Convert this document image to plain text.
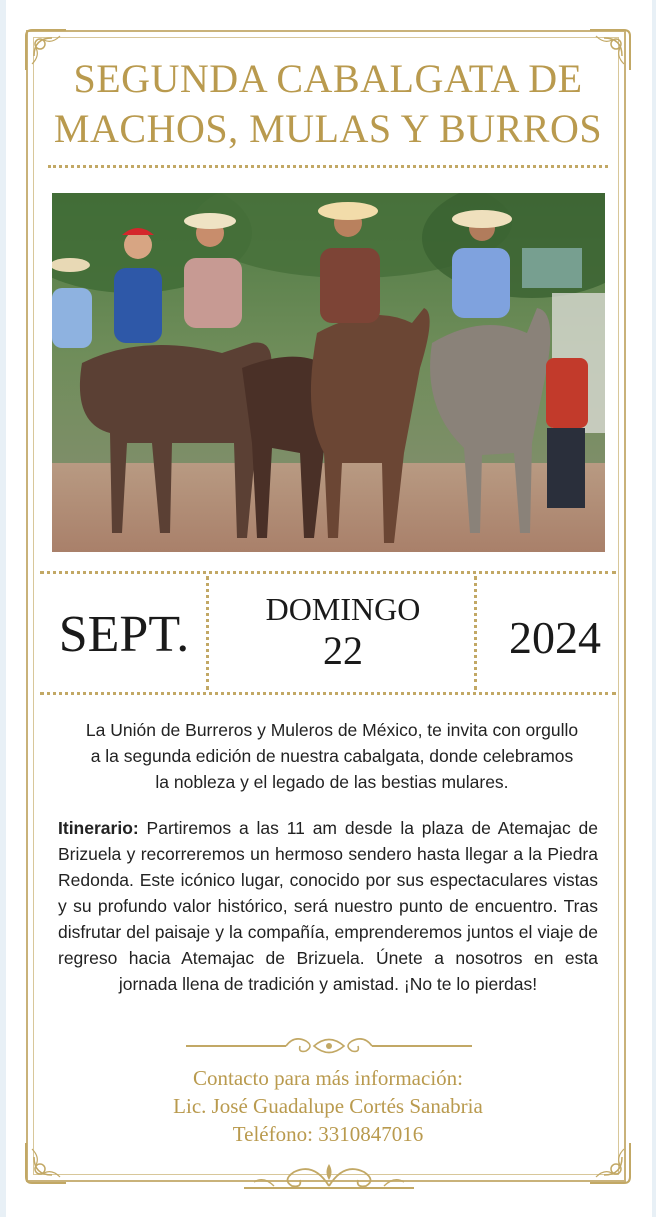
SEGUNDA CABALGATA DE
MACHOS, MULAS Y BURROS
SEPT.	DOMINGO
22	2024
La Unión de Burreros y Muleros de México, te invita con orgullo
a la segunda edición de nuestra cabalgata, donde celebramos
la nobleza y el legado de las bestias mulares.
Itinerario: Partiremos a las 11 am desde la plaza de Atemajac de Brizuela y recorreremos un hermoso sendero hasta llegar a la Piedra Redonda. Este icónico lugar, conocido por sus espectaculares vistas y su profundo valor histórico, será nuestro punto de encuentro. Tras disfrutar del paisaje y la compañía, emprenderemos juntos el viaje de regreso hacia Atemajac de Brizuela. Únete a nosotros en esta jornada llena de tradición y amistad. ¡No te lo pierdas!
Contacto para más información:
Lic. José Guadalupe Cortés Sanabria
Teléfono: 3310847016
